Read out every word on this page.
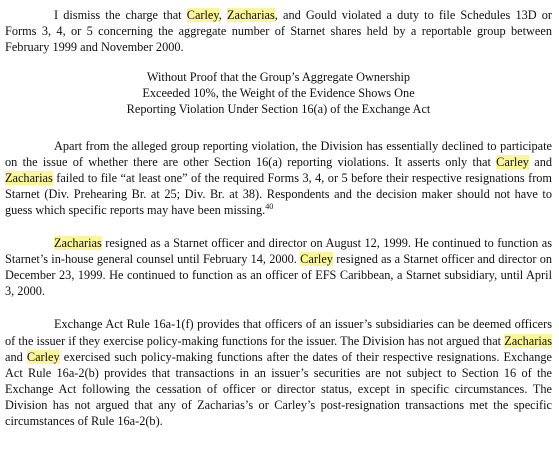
I dismiss the charge that Carley, Zacharias, and Gould violated a duty to file Schedules 13D or Forms 3, 4, or 5 concerning the aggregate number of Starnet shares held by a reportable group between February 1999 and November 2000.

Without Proof that the Group’s Aggregate Ownership

Exceeded 10%, the Weight of the Evidence Shows One

Reporting Violation Under Section 16(a) of the Exchange Act

Apart from the alleged group reporting violation, the Division has essentially declined to participate on the issue of whether there are other Section 16(a) reporting violations. It asserts only that Carley and Zacharias failed to file “at least one” of the required Forms 3, 4, or 5 before their respective resignations from Starnet (Div. Prehearing Br. at 25; Div. Br. at 38). Respondents and the decision maker should not have to guess which specific reports may have been missing.$^{40}$

Zacharias resigned as a Starnet officer and director on August 12, 1999. He continued to function as Starnet’s in-house general counsel until February 14, 2000. Carley resigned as a Starnet officer and director on December 23, 1999. He continued to function as an officer of EFS Caribbean, a Starnet subsidiary, until April 3, 2000.

Exchange Act Rule 16a-1(f) provides that officers of an issuer’s subsidiaries can be deemed officers of the issuer if they exercise policy-making functions for the issuer. The Division has not argued that Zacharias and Carley exercised such policy-making functions after the dates of their respective resignations. Exchange Act Rule 16a-2(b) provides that transactions in an issuer’s securities are not subject to Section 16 of the Exchange Act following the cessation of officer or director status, except in specific circumstances. The Division has not argued that any of Zacharias’s or Carley’s post-resignation transactions met the specific circumstances of Rule 16a-2(b).
